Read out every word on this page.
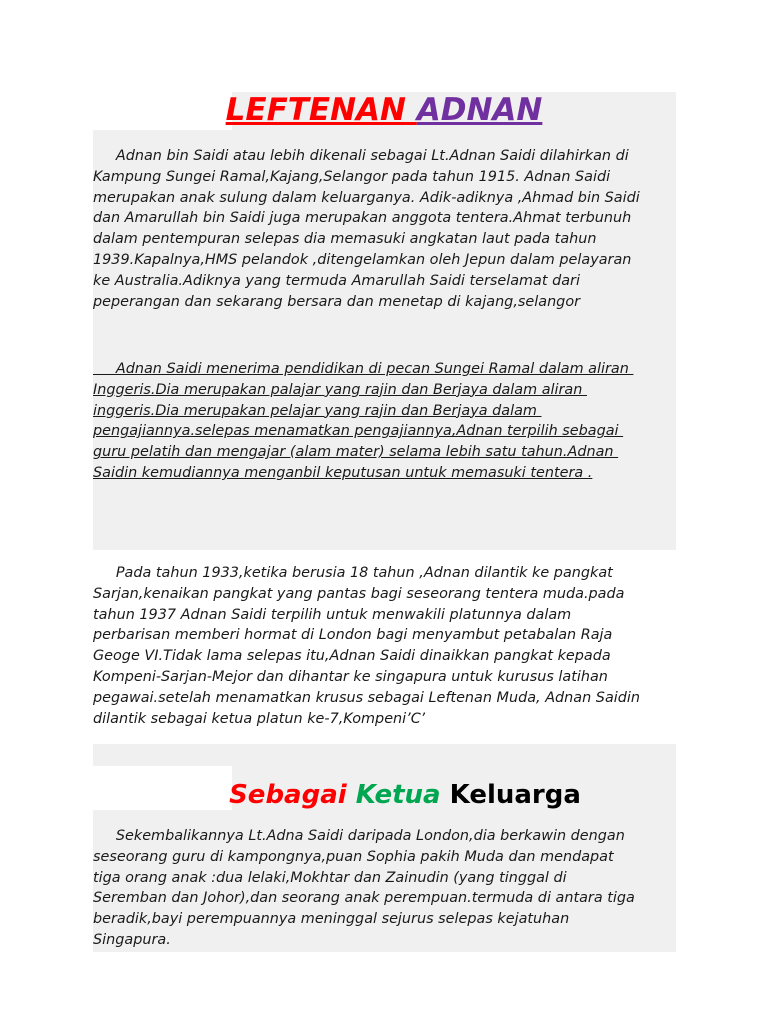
LEFTENAN ADNAN

Adnan bin Saidi atau lebih dikenali sebagai Lt.Adnan Saidi dilahirkan di
Kampung Sungei Ramal,Kajang,Selangor pada tahun 1915. Adnan Saidi
merupakan anak sulung dalam keluarganya. Adik-adiknya ,Ahmad bin Saidi
dan Amarullah bin Saidi juga merupakan anggota tentera.Ahmat terbunuh
dalam pentempuran selepas dia memasuki angkatan laut pada tahun
1939.Kapalnya,HMS pelandok ,ditengelamkan oleh Jepun dalam pelayaran
ke Australia.Adiknya yang termuda Amarullah Saidi terselamat dari
peperangan dan sekarang bersara dan menetap di kajang,selangor

Adnan Saidi menerima pendidikan di pecan Sungei Ramal dalam aliran
Inggeris.Dia merupakan palajar yang rajin dan Berjaya dalam aliran
inggeris.Dia merupakan pelajar yang rajin dan Berjaya dalam
pengajiannya.selepas menamatkan pengajiannya,Adnan terpilih sebagai
guru pelatih dan mengajar (alam mater) selama lebih satu tahun.Adnan
Saidin kemudiannya menganbil keputusan untuk memasuki tentera .

Pada tahun 1933,ketika berusia 18 tahun ,Adnan dilantik ke pangkat
Sarjan,kenaikan pangkat yang pantas bagi seseorang tentera muda.pada
tahun 1937 Adnan Saidi terpilih untuk menwakili platunnya dalam
perbarisan memberi hormat di London bagi menyambut petabalan Raja
Geoge VI.Tidak lama selepas itu,Adnan Saidi dinaikkan pangkat kepada
Kompeni-Sarjan-Mejor dan dihantar ke singapura untuk kurusus latihan
pegawai.setelah menamatkan krusus sebagai Leftenan Muda, Adnan Saidin
dilantik sebagai ketua platun ke-7,Kompeni’C’

Sebagai Ketua Keluarga

Sekembalikannya Lt.Adna Saidi daripada London,dia berkawin dengan
seseorang guru di kampongnya,puan Sophia pakih Muda dan mendapat
tiga orang anak :dua lelaki,Mokhtar dan Zainudin (yang tinggal di
Seremban dan Johor),dan seorang anak perempuan.termuda di antara tiga
beradik,bayi perempuannya meninggal sejurus selepas kejatuhan
Singapura.
